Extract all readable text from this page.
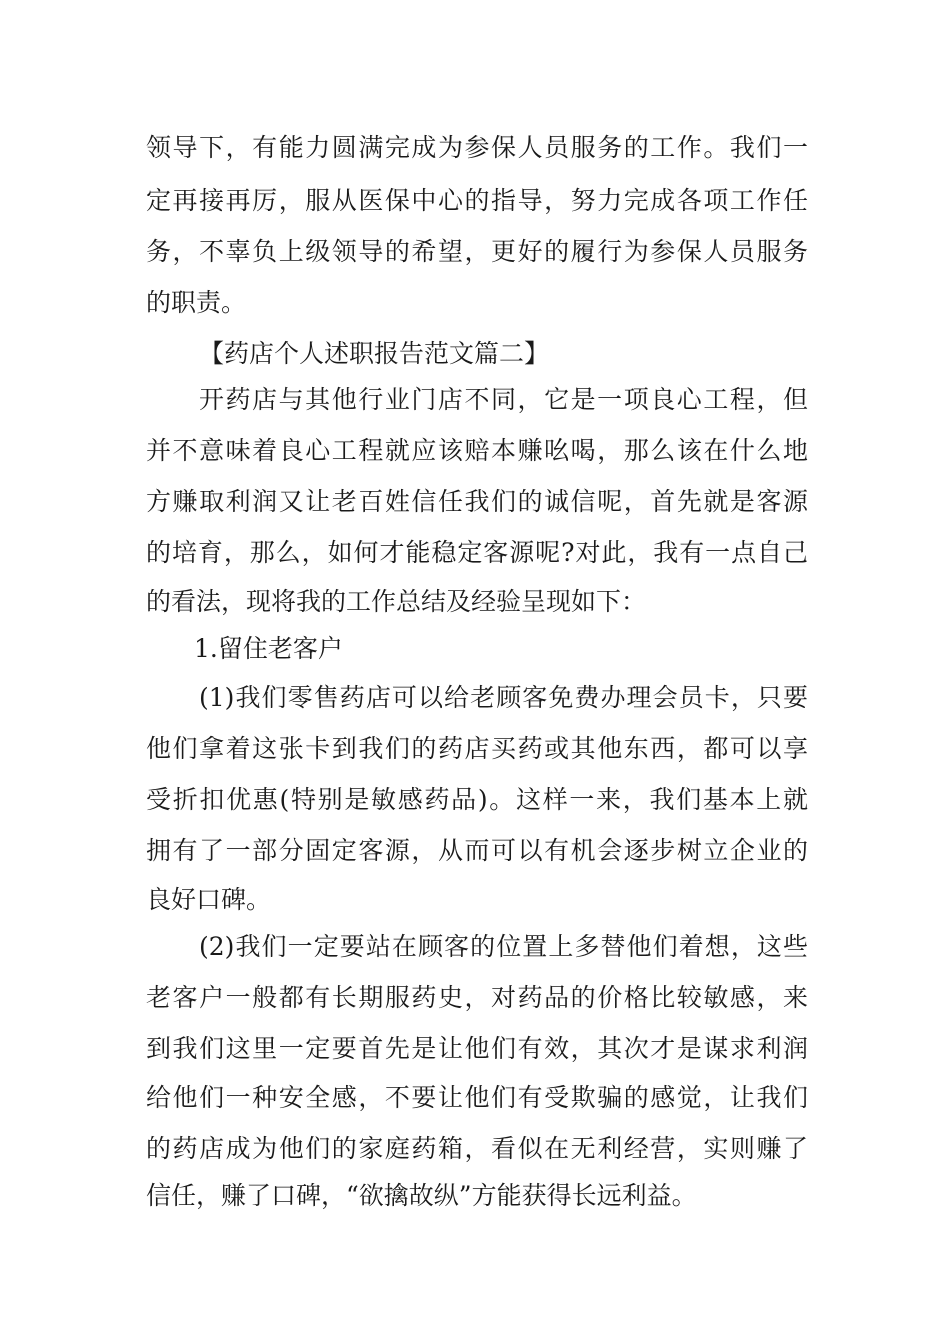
领导下，有能力圆满完成为参保人员服务的工作。我们一
定再接再厉，服从医保中心的指导，努力完成各项工作任
务，不辜负上级领导的希望，更好的履行为参保人员服务
的职责。
【药店个人述职报告范文篇二】
开药店与其他行业门店不同，它是一项良心工程，但
并不意味着良心工程就应该赔本赚吆喝，那么该在什么地
方赚取利润又让老百姓信任我们的诚信呢，首先就是客源
的培育，那么，如何才能稳定客源呢?对此，我有一点自己
的看法，现将我的工作总结及经验呈现如下：
1.留住老客户
(1)我们零售药店可以给老顾客免费办理会员卡，只要
他们拿着这张卡到我们的药店买药或其他东西，都可以享
受折扣优惠(特别是敏感药品)。这样一来，我们基本上就
拥有了一部分固定客源，从而可以有机会逐步树立企业的
良好口碑。
(2)我们一定要站在顾客的位置上多替他们着想，这些
老客户一般都有长期服药史，对药品的价格比较敏感，来
到我们这里一定要首先是让他们有效，其次才是谋求利润
给他们一种安全感，不要让他们有受欺骗的感觉，让我们
的药店成为他们的家庭药箱，看似在无利经营，实则赚了
信任，赚了口碑，“欲擒故纵”方能获得长远利益。
